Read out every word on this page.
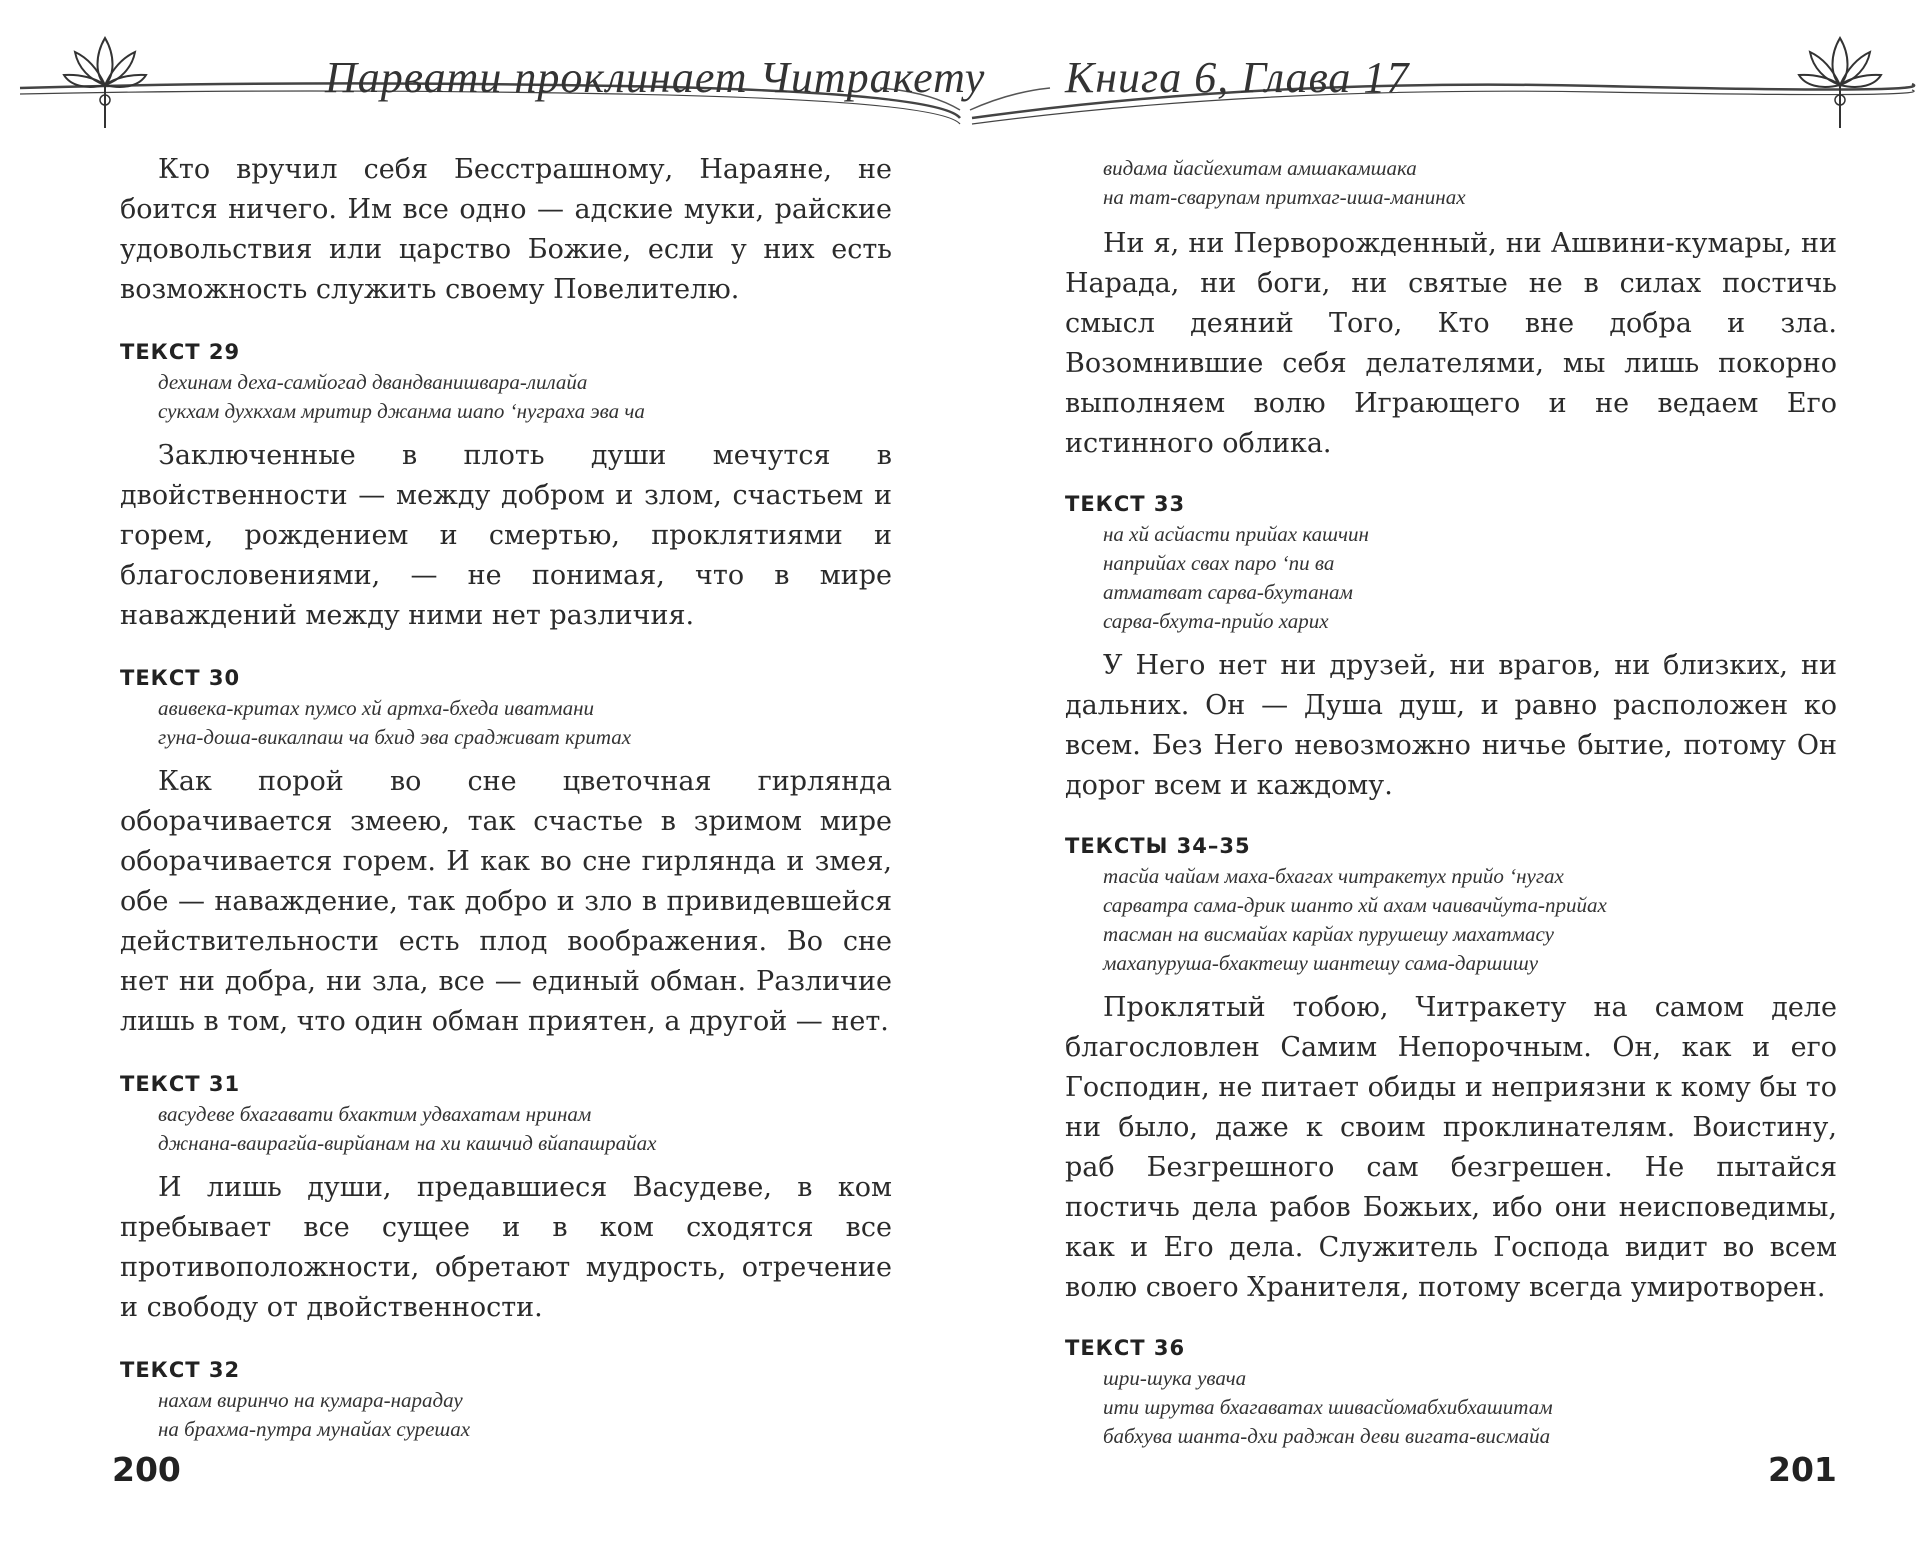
Парвати проклинает Читракету Книга 6, Глава 17

Кто вручил себя Бесстрашному, Нараяне, не боится ничего. Им все одно — адские муки, райские удовольствия или царство Божие, если у них есть возможность служить своему Повелителю.

ТЕКСТ 29

дехинам деха-самйогад двандванишвара-лилайа
сукхам духкхам мритир джанма шапо ‘нуграха эва ча

Заключенные в плоть души мечутся в двойственности — между добром и злом, счастьем и горем, рождением и смертью, проклятиями и благословениями, — не понимая, что в мире наваждений между ними нет различия.

ТЕКСТ 30

авивека-критах пумсо хй артха-бхеда иватмани
гуна-доша-викалпаш ча бхид эва срадживат критах

Как порой во сне цветочная гирлянда оборачивается змеею, так счастье в зримом мире оборачивается горем. И как во сне гирлянда и змея, обе — наваждение, так добро и зло в привидевшейся действительности есть плод воображения. Во сне нет ни добра, ни зла, все — единый обман. Различие лишь в том, что один обман приятен, а другой — нет.

ТЕКСТ 31

васудеве бхагавати бхактим удвахатам нринам
джнана-ваирагйа-вирйанам на хи кашчид вйапашрайах

И лишь души, предавшиеся Васудеве, в ком пребывает все сущее и в ком сходятся все противоположности, обретают мудрость, отречение и свободу от двойственности.

ТЕКСТ 32

нахам виринчо на кумара-нарадау
на брахма-путра мунайах сурешах
видама йасйехитам амшакамшака
на тат-сварупам притхаг-иша-манинах

Ни я, ни Перворожденный, ни Ашвини-кумары, ни Нарада, ни боги, ни святые не в силах постичь смысл деяний Того, Кто вне добра и зла. Возомнившие себя делателями, мы лишь покорно выполняем волю Играющего и не ведаем Его истинного облика.

ТЕКСТ 33

на хй асйасти прийах кашчин
наприйах свах паро ‘пи ва
атматват сарва-бхутанам
сарва-бхута-прийо харих

У Него нет ни друзей, ни врагов, ни близких, ни дальних. Он — Душа душ, и равно расположен ко всем. Без Него невозможно ничье бытие, потому Он дорог всем и каждому.

ТЕКСТЫ 34–35

тасйа чайам маха-бхагах читракетух прийо ‘нугах
сарватра сама-дрик шанто хй ахам чаивачйута-прийах
тасман на висмайах карйах пурушешу махатмасу
махапуруша-бхактешу шантешу сама-даршишу

Проклятый тобою, Читракету на самом деле благословлен Самим Непорочным. Он, как и его Господин, не питает обиды и неприязни к кому бы то ни было, даже к своим проклинателям. Воистину, раб Безгрешного сам безгрешен. Не пытайся постичь дела рабов Божьих, ибо они неисповедимы, как и Его дела. Служитель Господа видит во всем волю своего Хранителя, потому всегда умиротворен.

ТЕКСТ 36

шри-шука увача
ити шрутва бхагаватах шивасйомабхибхашитам
бабхува шанта-дхи раджан деви вигата-висмайа
200	201
